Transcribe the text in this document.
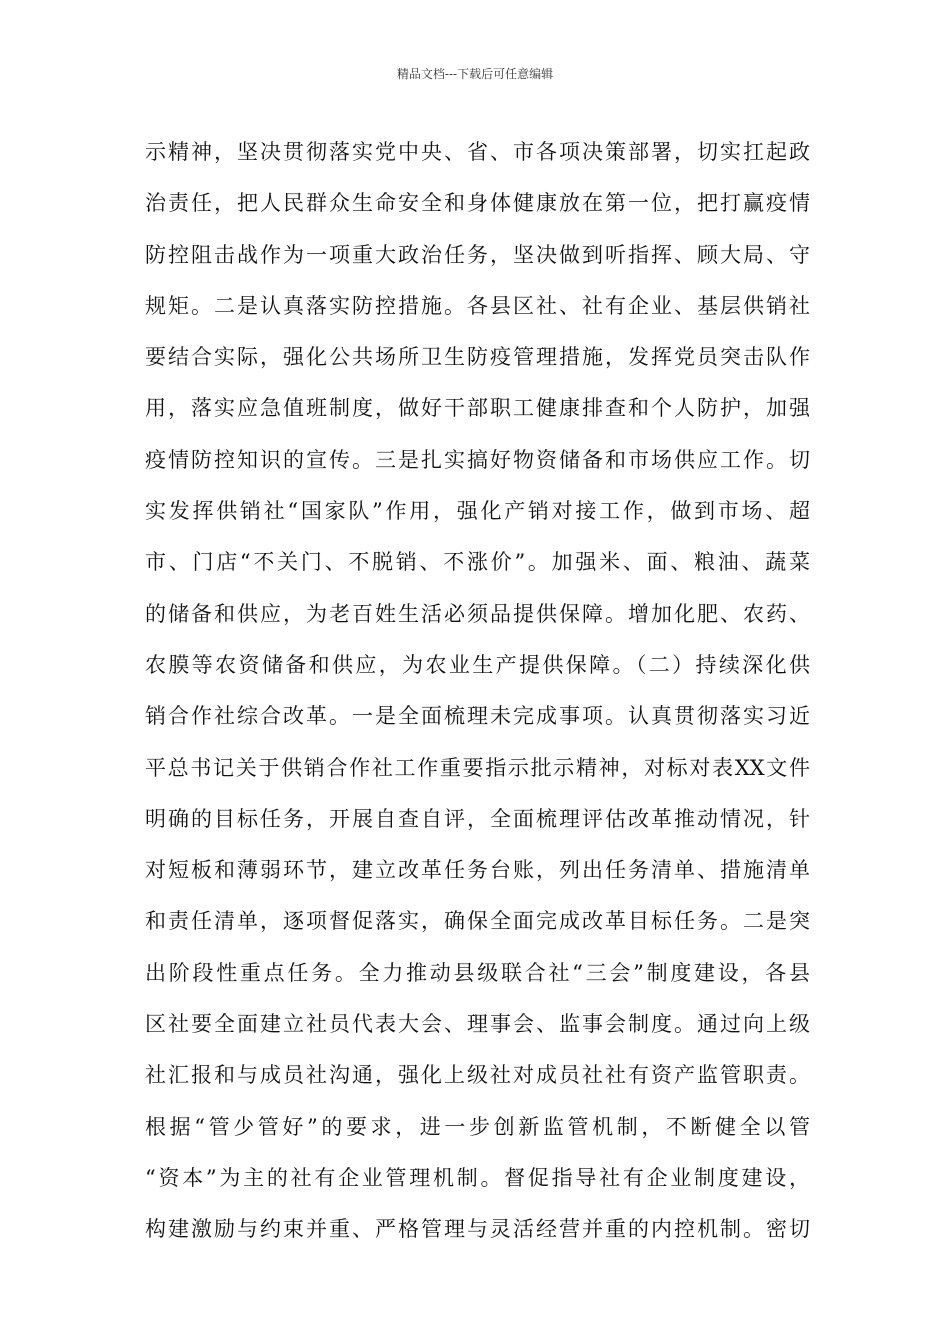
精品文档---下载后可任意编辑
示精神，坚决贯彻落实党中央、省、市各项决策部署，切实扛起政
治责任，把人民群众生命安全和身体健康放在第一位，把打赢疫情
防控阻击战作为一项重大政治任务，坚决做到听指挥、顾大局、守
规矩。二是认真落实防控措施。各县区社、社有企业、基层供销社
要结合实际，强化公共场所卫生防疫管理措施，发挥党员突击队作
用，落实应急值班制度，做好干部职工健康排查和个人防护，加强
疫情防控知识的宣传。三是扎实搞好物资储备和市场供应工作。切
实发挥供销社“国家队”作用，强化产销对接工作，做到市场、超
市、门店“不关门、不脱销、不涨价”。加强米、面、粮油、蔬菜
的储备和供应，为老百姓生活必须品提供保障。增加化肥、农药、
农膜等农资储备和供应，为农业生产提供保障。（二）持续深化供
销合作社综合改革。一是全面梳理未完成事项。认真贯彻落实习近
平总书记关于供销合作社工作重要指示批示精神，对标对表XX文件
明确的目标任务，开展自查自评，全面梳理评估改革推动情况，针
对短板和薄弱环节，建立改革任务台账，列出任务清单、措施清单
和责任清单，逐项督促落实，确保全面完成改革目标任务。二是突
出阶段性重点任务。全力推动县级联合社“三会”制度建设，各县
区社要全面建立社员代表大会、理事会、监事会制度。通过向上级
社汇报和与成员社沟通，强化上级社对成员社社有资产监管职责。
根据“管少管好”的要求，进一步创新监管机制，不断健全以管
“资本”为主的社有企业管理机制。督促指导社有企业制度建设，
构建激励与约束并重、严格管理与灵活经营并重的内控机制。密切
